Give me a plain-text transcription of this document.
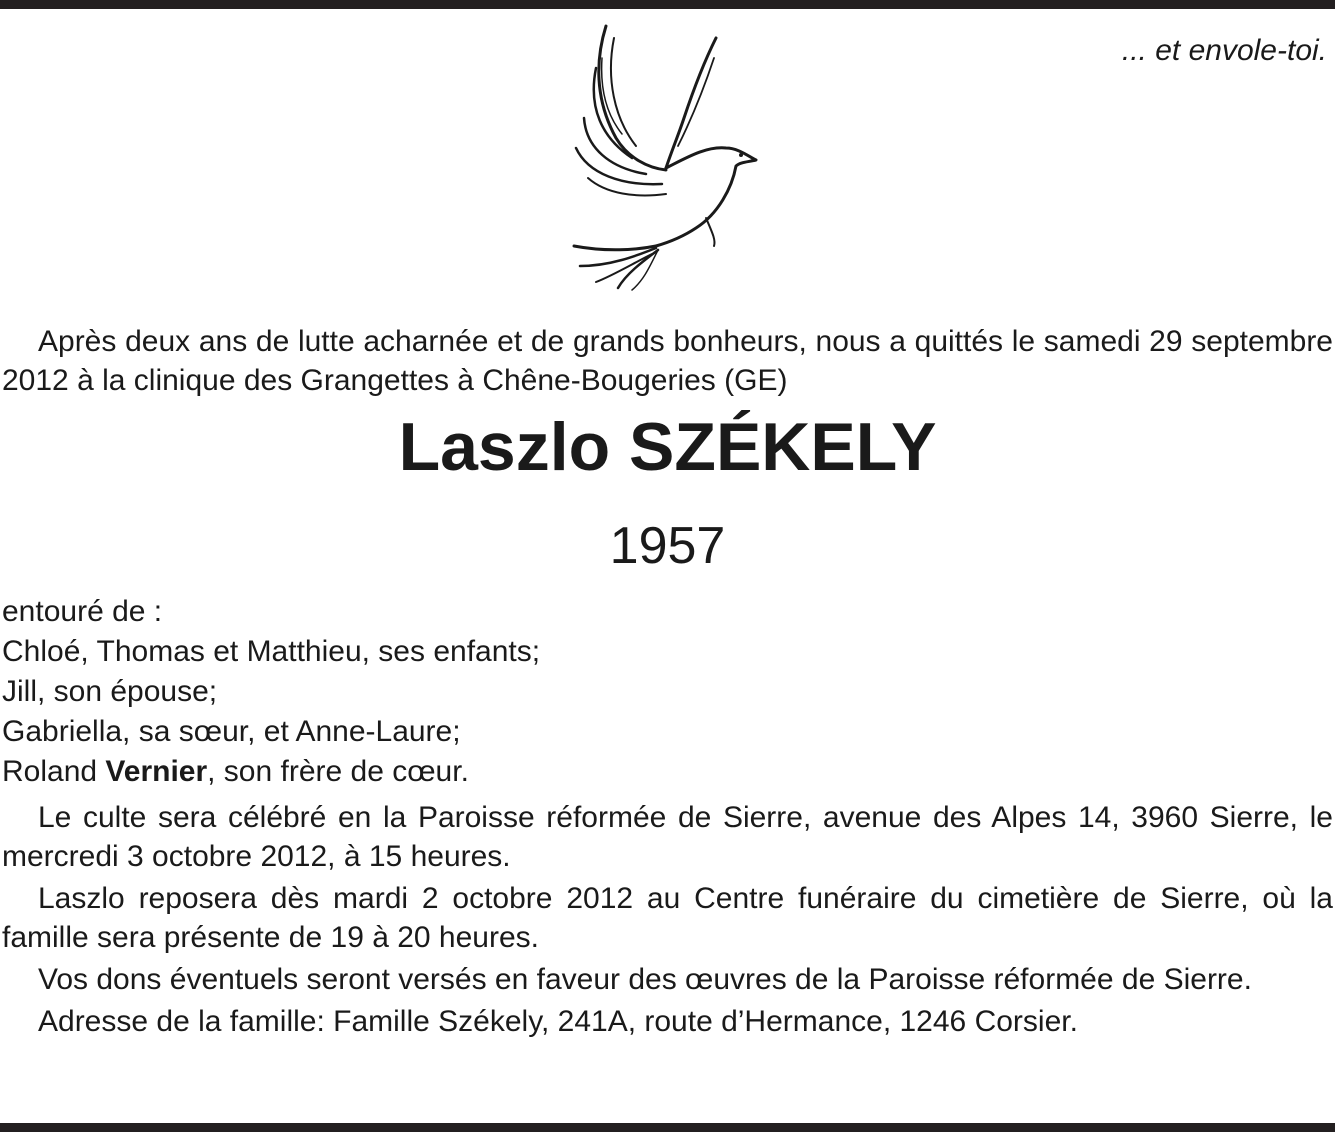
... et envole-toi.
Après deux ans de lutte acharnée et de grands bonheurs, nous a quittés le samedi 29 septembre 2012 à la clinique des Grangettes à Chêne-Bougeries (GE)
Laszlo SZÉKELY
1957
entouré de :
Chloé, Thomas et Matthieu, ses enfants;
Jill, son épouse;
Gabriella, sa sœur, et Anne-Laure;
Roland Vernier, son frère de cœur.

Le culte sera célébré en la Paroisse réformée de Sierre, avenue des Alpes 14, 3960 Sierre, le mercredi 3 octobre 2012, à 15 heures.

Laszlo reposera dès mardi 2 octobre 2012 au Centre funéraire du cimetière de Sierre, où la famille sera présente de 19 à 20 heures.

Vos dons éventuels seront versés en faveur des œuvres de la Paroisse réformée de Sierre.

Adresse de la famille: Famille Székely, 241A, route d’Hermance, 1246 Corsier.
